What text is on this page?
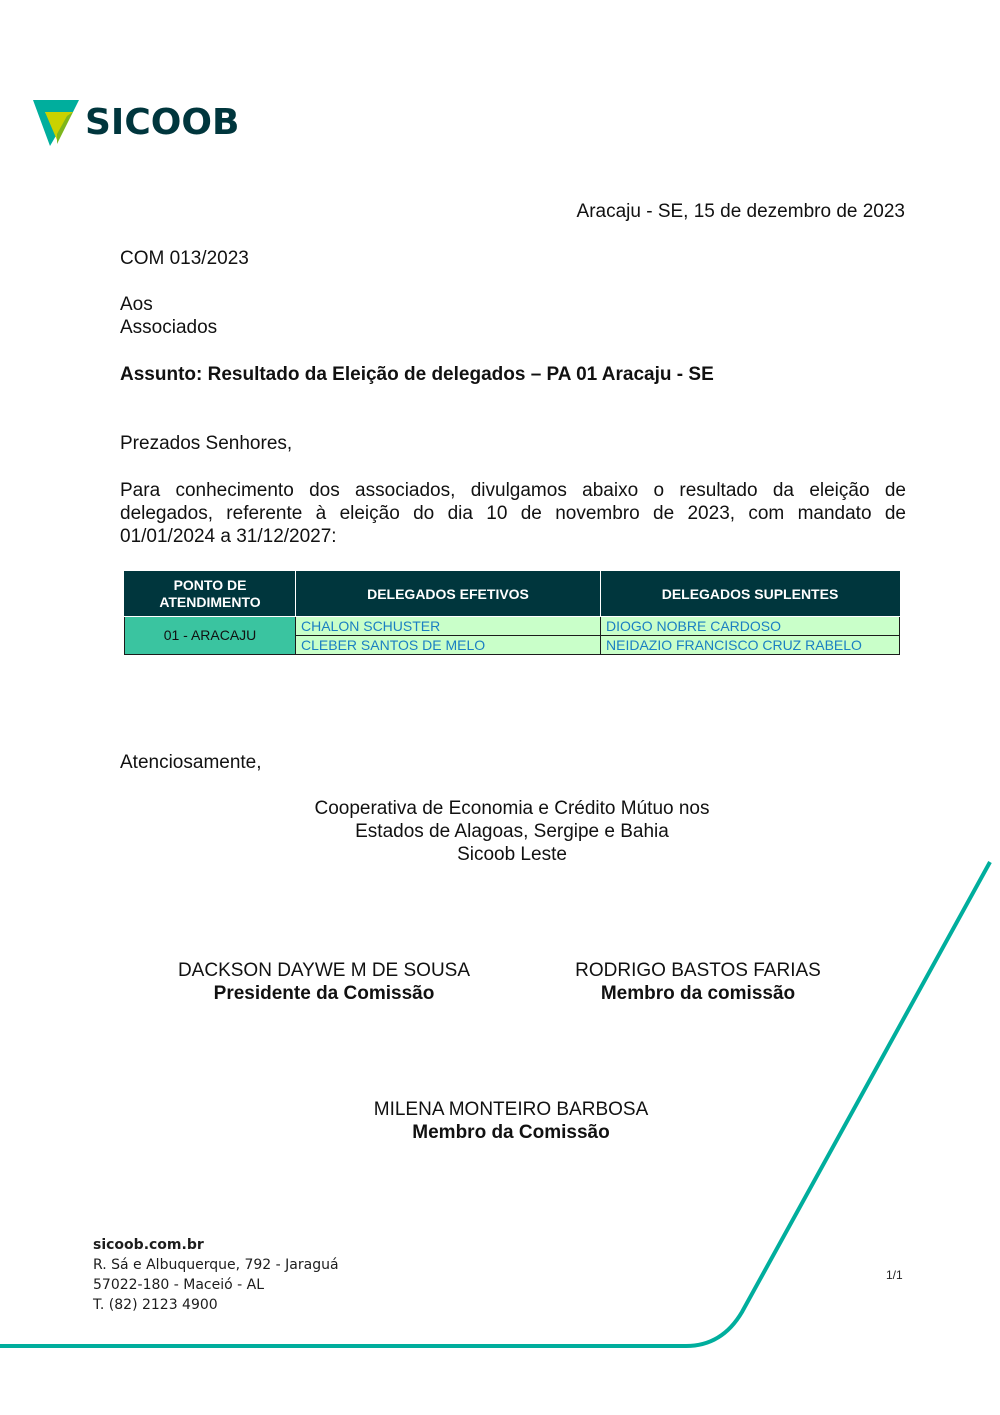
SICOOB
Aracaju - SE, 15 de dezembro de 2023
COM 013/2023
Aos
Associados
Assunto: Resultado da Eleição de delegados – PA 01 Aracaju - SE
Prezados Senhores,
Para conhecimento dos associados, divulgamos abaixo o resultado da eleição de
delegados, referente à eleição do dia 10 de novembro de 2023, com mandato de
01/01/2024 a 31/12/2027:
PONTO DE
ATENDIMENTO	DELEGADOS EFETIVOS	DELEGADOS SUPLENTES
01 - ARACAJU	CHALON SCHUSTER	DIOGO NOBRE CARDOSO
	CLEBER SANTOS DE MELO	NEIDAZIO FRANCISCO CRUZ RABELO
Atenciosamente,
Cooperativa de Economia e Crédito Mútuo nos
Estados de Alagoas, Sergipe e Bahia
Sicoob Leste
DACKSON DAYWE M DE SOUSA
Presidente da Comissão
RODRIGO BASTOS FARIAS
Membro da comissão
MILENA MONTEIRO BARBOSA
Membro da Comissão
sicoob.com.br
R. Sá e Albuquerque, 792 - Jaraguá
57022-180 - Maceió - AL
T. (82) 2123 4900
1/1
